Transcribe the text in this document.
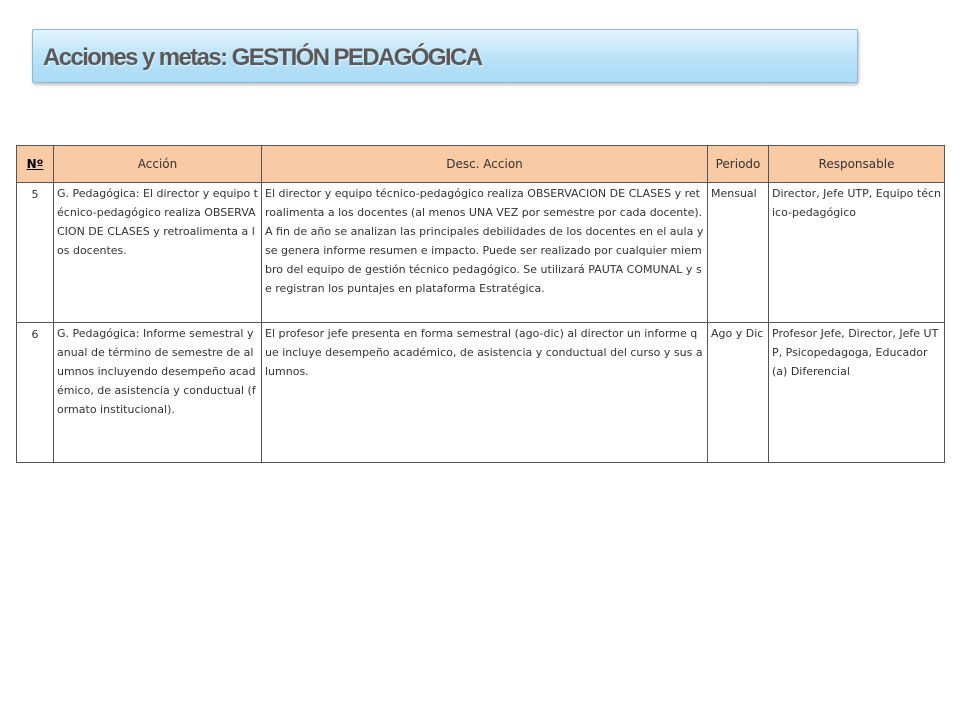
Acciones y metas: GESTIÓN PEDAGÓGICA
Nº	Acción	Desc. Accion	Periodo	Responsable
5	G. Pedagógica: El director y equipo técnico-pedagógico realiza OBSERVACION DE CLASES y retroalimenta a los docentes.	El director y equipo técnico-pedagógico realiza OBSERVACION DE CLASES y retroalimenta a los docentes (al menos UNA VEZ por semestre por cada docente). A fin de año se analizan las principales debilidades de los docentes en el aula y se genera informe resumen e impacto. Puede ser realizado por cualquier miembro del equipo de gestión técnico pedagógico. Se utilizará PAUTA COMUNAL y se registran los puntajes en plataforma Estratégica.	Mensual	Director, Jefe UTP, Equipo técnico-pedagógico
6	G. Pedagógica: Informe semestral y anual de término de semestre de alumnos incluyendo desempeño académico, de asistencia y conductual (formato institucional).	El profesor jefe presenta en forma semestral (ago-dic) al director un informe que incluye desempeño académico, de asistencia y conductual del curso y sus alumnos.	Ago y Dic	Profesor Jefe, Director, Jefe UTP, Psicopedagoga, Educador(a) Diferencial
